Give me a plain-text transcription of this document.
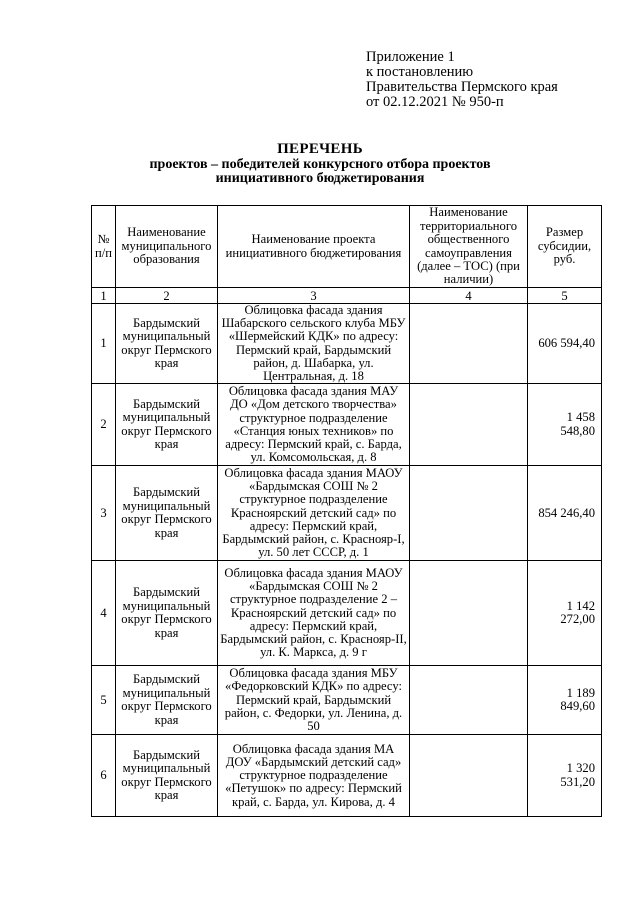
Приложение 1
к постановлению
Правительства Пермского края
от 02.12.2021 № 950-п
ПЕРЕЧЕНЬ
проектов – победителей конкурсного отбора проектов
инициативного бюджетирования
№ п/п	Наименование муниципального образования	Наименование проекта инициативного бюджетирования	Наименование территориального общественного самоуправления (далее – ТОС) (при наличии)	Размер субсидии, руб.
1	2	3	4	5
1	Бардымский муниципальный округ Пермского края	Облицовка фасада здания Шабарского сельского клуба МБУ «Шермейский КДК» по адресу: Пермский край, Бардымский район, д. Шабарка, ул. Центральная, д. 18		606 594,40
2	Бардымский муниципальный округ Пермского края	Облицовка фасада здания МАУ ДО «Дом детского творчества» структурное подразделение «Станция юных техников» по адресу: Пермский край, с. Барда, ул. Комсомольская, д. 8		1 458 548,80
3	Бардымский муниципальный округ Пермского края	Облицовка фасада здания МАОУ «Бардымская СОШ № 2 структурное подразделение Красноярский детский сад» по адресу: Пермский край, Бардымский район, с. Краснояр-I, ул. 50 лет СССР, д. 1		854 246,40
4	Бардымский муниципальный округ Пермского края	Облицовка фасада здания МАОУ «Бардымская СОШ № 2 структурное подразделение 2 – Красноярский детский сад» по адресу: Пермский край, Бардымский район, с. Краснояр-II, ул. К. Маркса, д. 9 г		1 142 272,00
5	Бардымский муниципальный округ Пермского края	Облицовка фасада здания МБУ «Федорковский КДК» по адресу: Пермский край, Бардымский район, с. Федорки, ул. Ленина, д. 50		1 189 849,60
6	Бардымский муниципальный округ Пермского края	Облицовка фасада здания МА ДОУ «Бардымский детский сад» структурное подразделение «Петушок» по адресу: Пермский край, с. Барда, ул. Кирова, д. 4		1 320 531,20
